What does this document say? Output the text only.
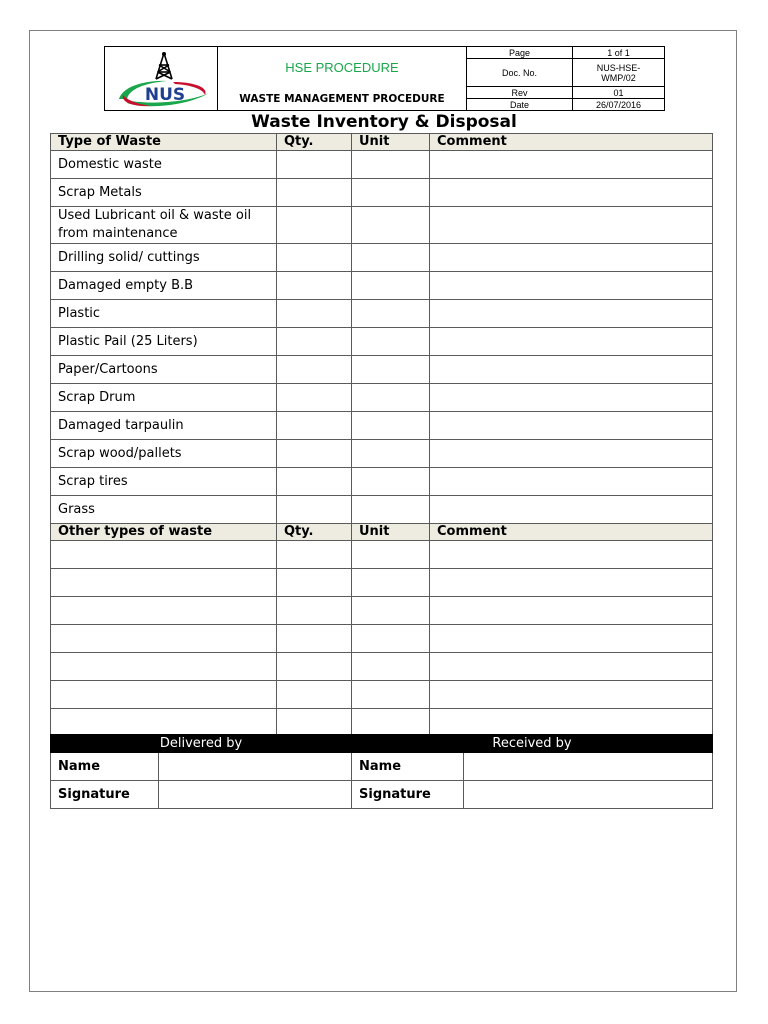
NUS
HSE PROCEDURE
WASTE MANAGEMENT PROCEDURE
Page	1 of 1
Doc. No.	NUS-HSE-
WMP/02
Rev	01
Date	26/07/2016
Waste Inventory & Disposal
Type of Waste	Qty.	Unit	Comment
Domestic waste			
Scrap Metals			
Used Lubricant oil & waste oil
from maintenance			
Drilling solid/ cuttings			
Damaged empty B.B			
Plastic			
Plastic Pail (25 Liters)			
Paper/Cartoons			
Scrap Drum			
Damaged tarpaulin			
Scrap wood/pallets			
Scrap tires			
Grass			
Other types of waste	Qty.	Unit	Comment

Delivered by		Received by	
Name		Name	
Signature		Signature	
